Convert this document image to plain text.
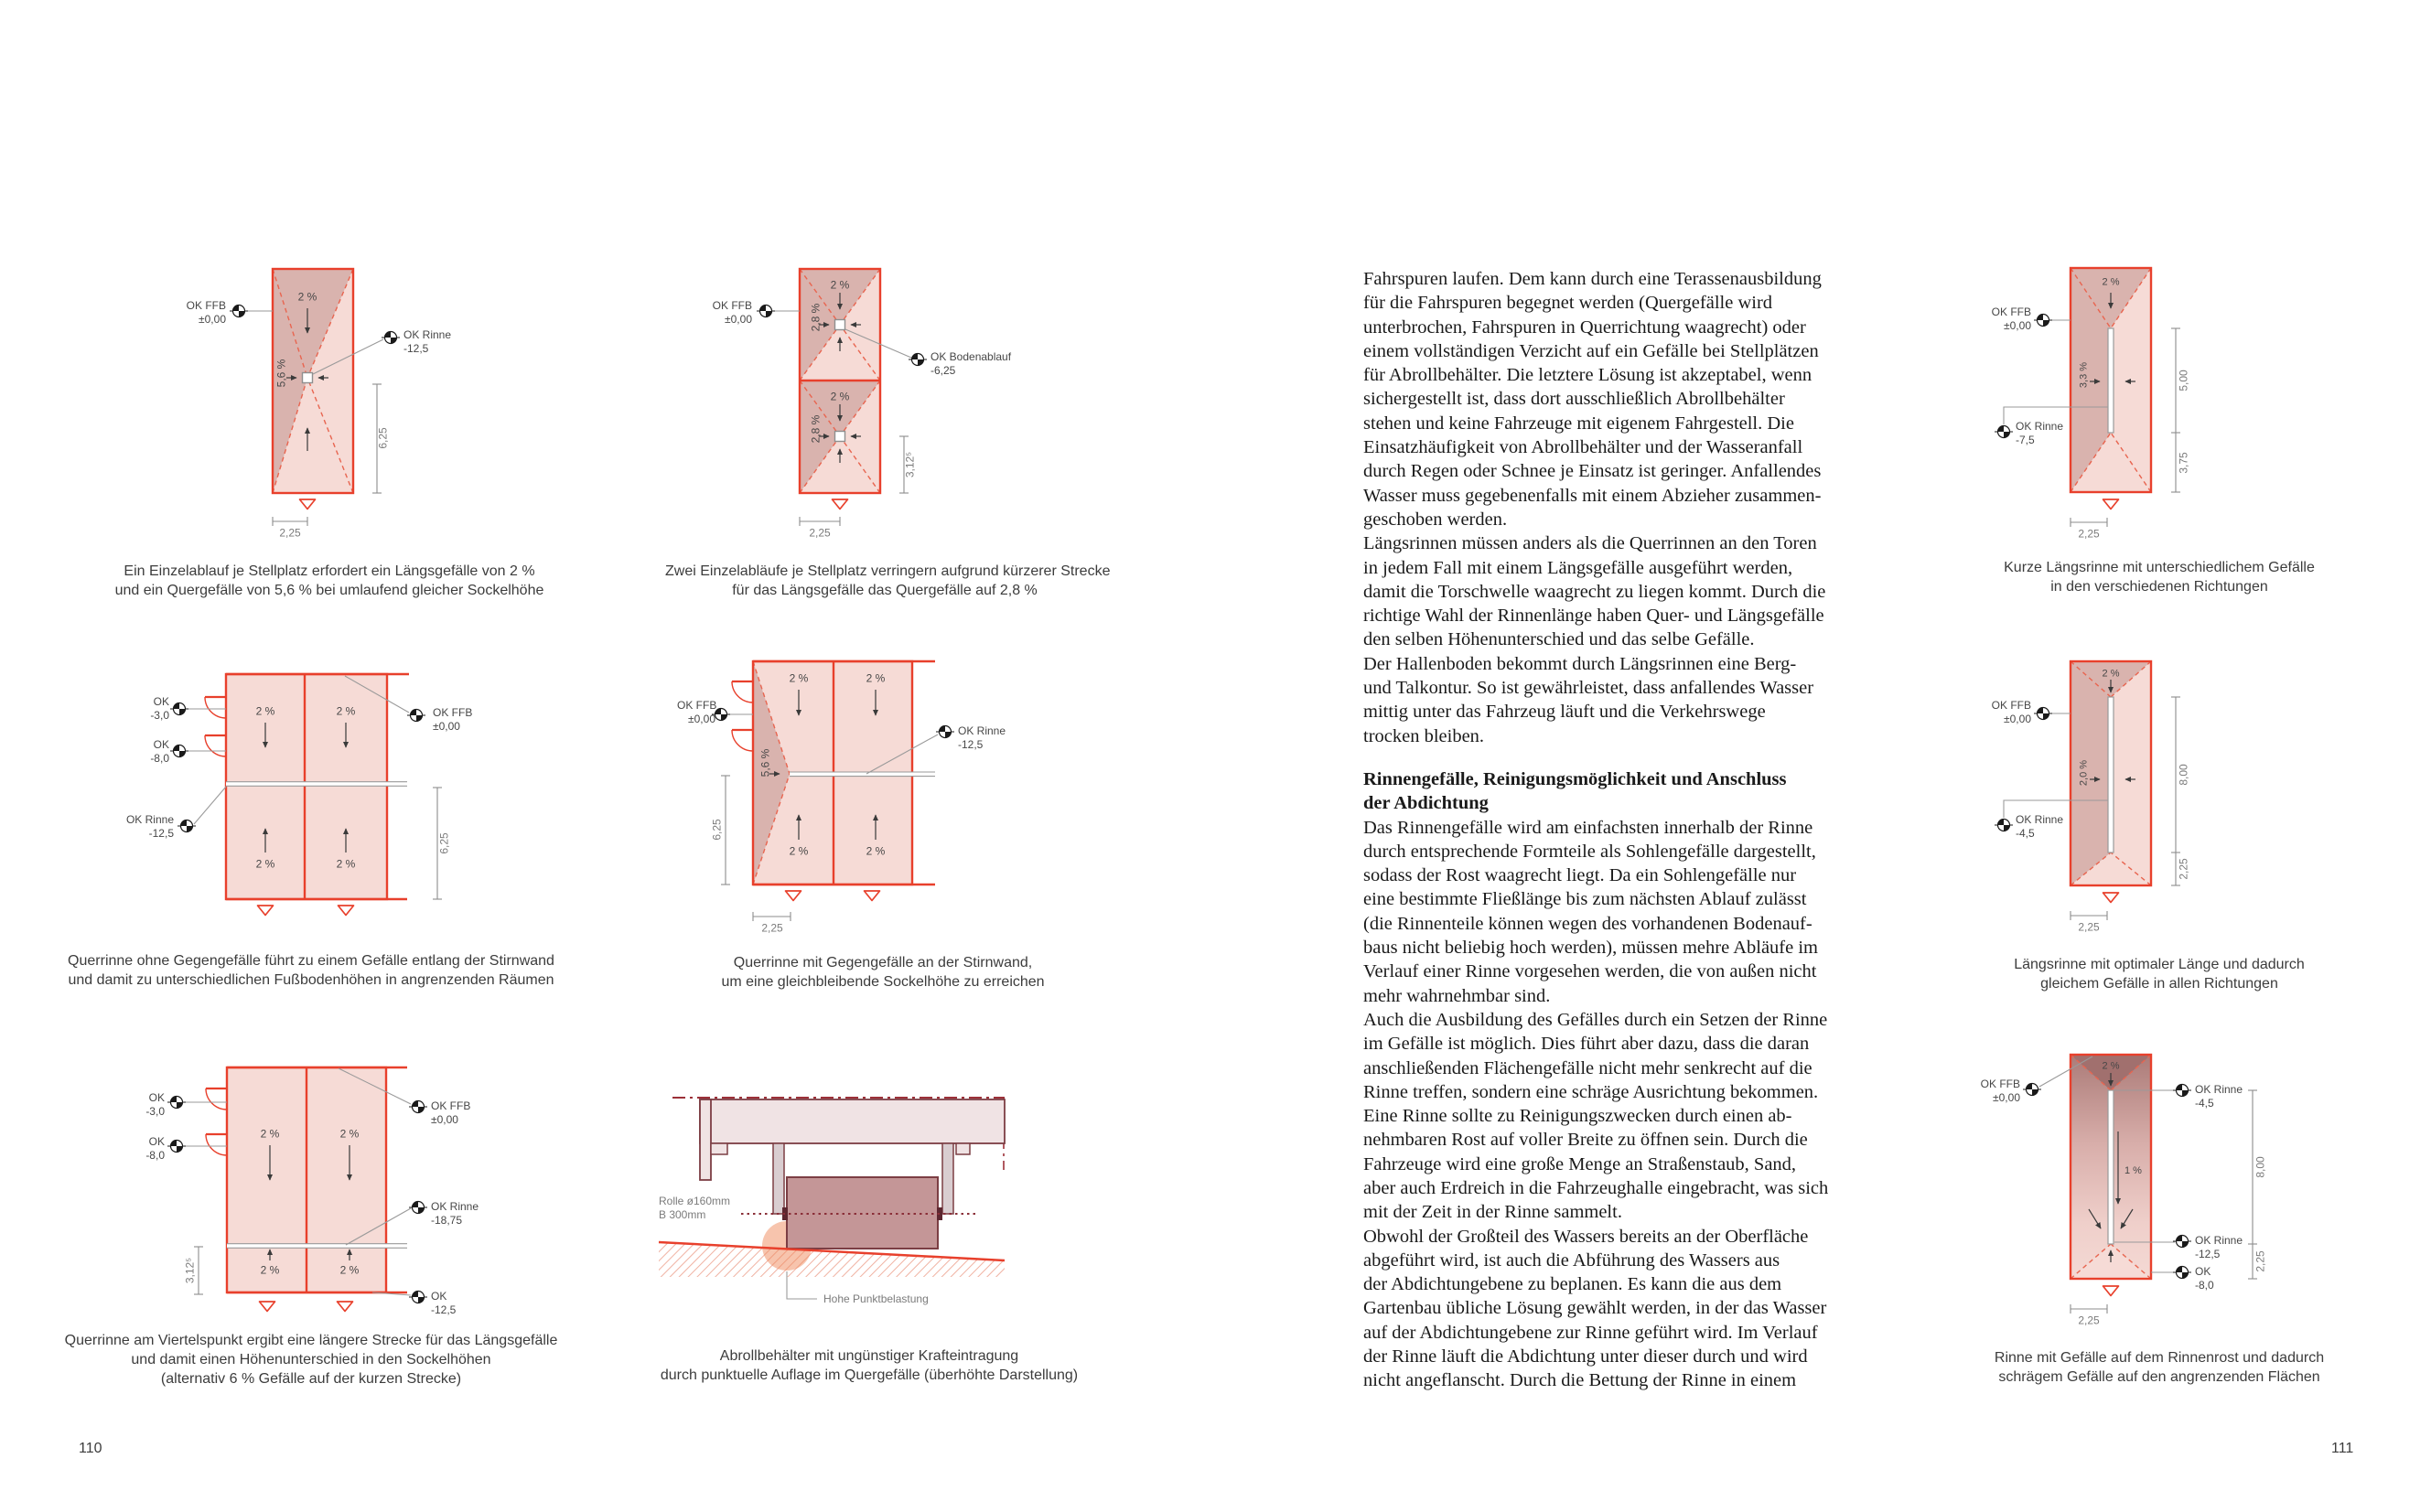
OK FFB
±0,00
OK Rinne
-12,5
2 %
5,6 %
6,25
2,25
Ein Einzelablauf je Stellplatz erfordert ein Längsgefälle von 2 %
und ein Quergefälle von 5,6 % bei umlaufend gleicher Sockelhöhe
OK FFB
±0,00
OK Bodenablauf
-6,25
2 %
2,8 %
2 %
2,8 %
3,12⁵
2,25
Zwei Einzelabläufe je Stellplatz verringern aufgrund kürzerer Strecke
für das Längsgefälle das Quergefälle auf 2,8 %
OK
-3,0
OK
-8,0
OK Rinne
-12,5
OK FFB
±0,00
2 %	2 %
2 %	2 %
6,25
Querrinne ohne Gegengefälle führt zu einem Gefälle entlang der Stirnwand
und damit zu unterschiedlichen Fußbodenhöhen in angrenzenden Räumen
OK FFB
±0,00
OK Rinne
-12,5
2 %	2 %
2 %	2 %
5,6 %
6,25
2,25
Querrinne mit Gegengefälle an der Stirnwand,
um eine gleichbleibende Sockelhöhe zu erreichen
OK
-3,0
OK
-8,0
OK FFB
±0,00
OK Rinne
-18,75
OK
-12,5
2 %	2 %
2 %	2 %
3,12⁵
Querrinne am Viertelspunkt ergibt eine längere Strecke für das Längsgefälle
und damit einen Höhenunterschied in den Sockelhöhen
(alternativ 6 % Gefälle auf der kurzen Strecke)
Rolle ø160mm
B 300mm
Hohe Punktbelastung
Abrollbehälter mit ungünstiger Krafteintragung
durch punktuelle Auflage im Quergefälle (überhöhte Darstellung)
Fahrspuren laufen. Dem kann durch eine Terassenausbildung
für die Fahrspuren begegnet werden (Quergefälle wird
unterbrochen, Fahrspuren in Querrichtung waagrecht) oder
einem vollständigen Verzicht auf ein Gefälle bei Stellplätzen
für Abrollbehälter. Die letztere Lösung ist akzeptabel, wenn
sichergestellt ist, dass dort ausschließlich Abrollbehälter
stehen und keine Fahrzeuge mit eigenem Fahrgestell. Die
Einsatzhäufigkeit von Abrollbehälter und der Wasseranfall
durch Regen oder Schnee je Einsatz ist geringer. Anfallendes
Wasser muss gegebenenfalls mit einem Abzieher zusammen-
geschoben werden.
Längsrinnen müssen anders als die Querrinnen an den Toren
in jedem Fall mit einem Längsgefälle ausgeführt werden,
damit die Torschwelle waagrecht zu liegen kommt. Durch die
richtige Wahl der Rinnenlänge haben Quer- und Längsgefälle
den selben Höhenunterschied und das selbe Gefälle.
Der Hallenboden bekommt durch Längsrinnen eine Berg-
und Talkontur. So ist gewährleistet, dass anfallendes Wasser
mittig unter das Fahrzeug läuft und die Verkehrswege
trocken bleiben.
Rinnengefälle, Reinigungsmöglichkeit und Anschluss
der Abdichtung
Das Rinnengefälle wird am einfachsten innerhalb der Rinne
durch entsprechende Formteile als Sohlengefälle dargestellt,
sodass der Rost waagrecht liegt. Da ein Sohlengefälle nur
eine bestimmte Fließlänge bis zum nächsten Ablauf zulässt
(die Rinnenteile können wegen des vorhandenen Bodenauf-
baus nicht beliebig hoch werden), müssen mehre Abläufe im
Verlauf einer Rinne vorgesehen werden, die von außen nicht
mehr wahrnehmbar sind.
Auch die Ausbildung des Gefälles durch ein Setzen der Rinne
im Gefälle ist möglich. Dies führt aber dazu, dass die daran
anschließenden Flächengefälle nicht mehr senkrecht auf die
Rinne treffen, sondern eine schräge Ausrichtung bekommen.
Eine Rinne sollte zu Reinigungszwecken durch einen ab-
nehmbaren Rost auf voller Breite zu öffnen sein. Durch die
Fahrzeuge wird eine große Menge an Straßenstaub, Sand,
aber auch Erdreich in die Fahrzeughalle eingebracht, was sich
mit der Zeit in der Rinne sammelt.
Obwohl der Großteil des Wassers bereits an der Oberfläche
abgeführt wird, ist auch die Abführung des Wassers aus
der Abdichtungebene zu beplanen. Es kann die aus dem
Gartenbau übliche Lösung gewählt werden, in der das Wasser
auf der Abdichtungebene zur Rinne geführt wird. Im Verlauf
der Rinne läuft die Abdichtung unter dieser durch und wird
nicht angeflanscht. Durch die Bettung der Rinne in einem
OK FFB
±0,00
OK Rinne
-7,5
2 %
3,3 %	5,00
3,75
2,25
Kurze Längsrinne mit unterschiedlichem Gefälle
in den verschiedenen Richtungen
OK FFB
±0,00
OK Rinne
-4,5
2 %
2,0 %	8,00
2,25
2,25
Längsrinne mit optimaler Länge und dadurch
gleichem Gefälle in allen Richtungen
OK FFB
±0,00
OK Rinne
-4,5
OK Rinne
-12,5
OK
-8,0
2 %
1 %	8,00
2,25
2,25
Rinne mit Gefälle auf dem Rinnenrost und dadurch
schrägem Gefälle auf den angrenzenden Flächen
110	111
